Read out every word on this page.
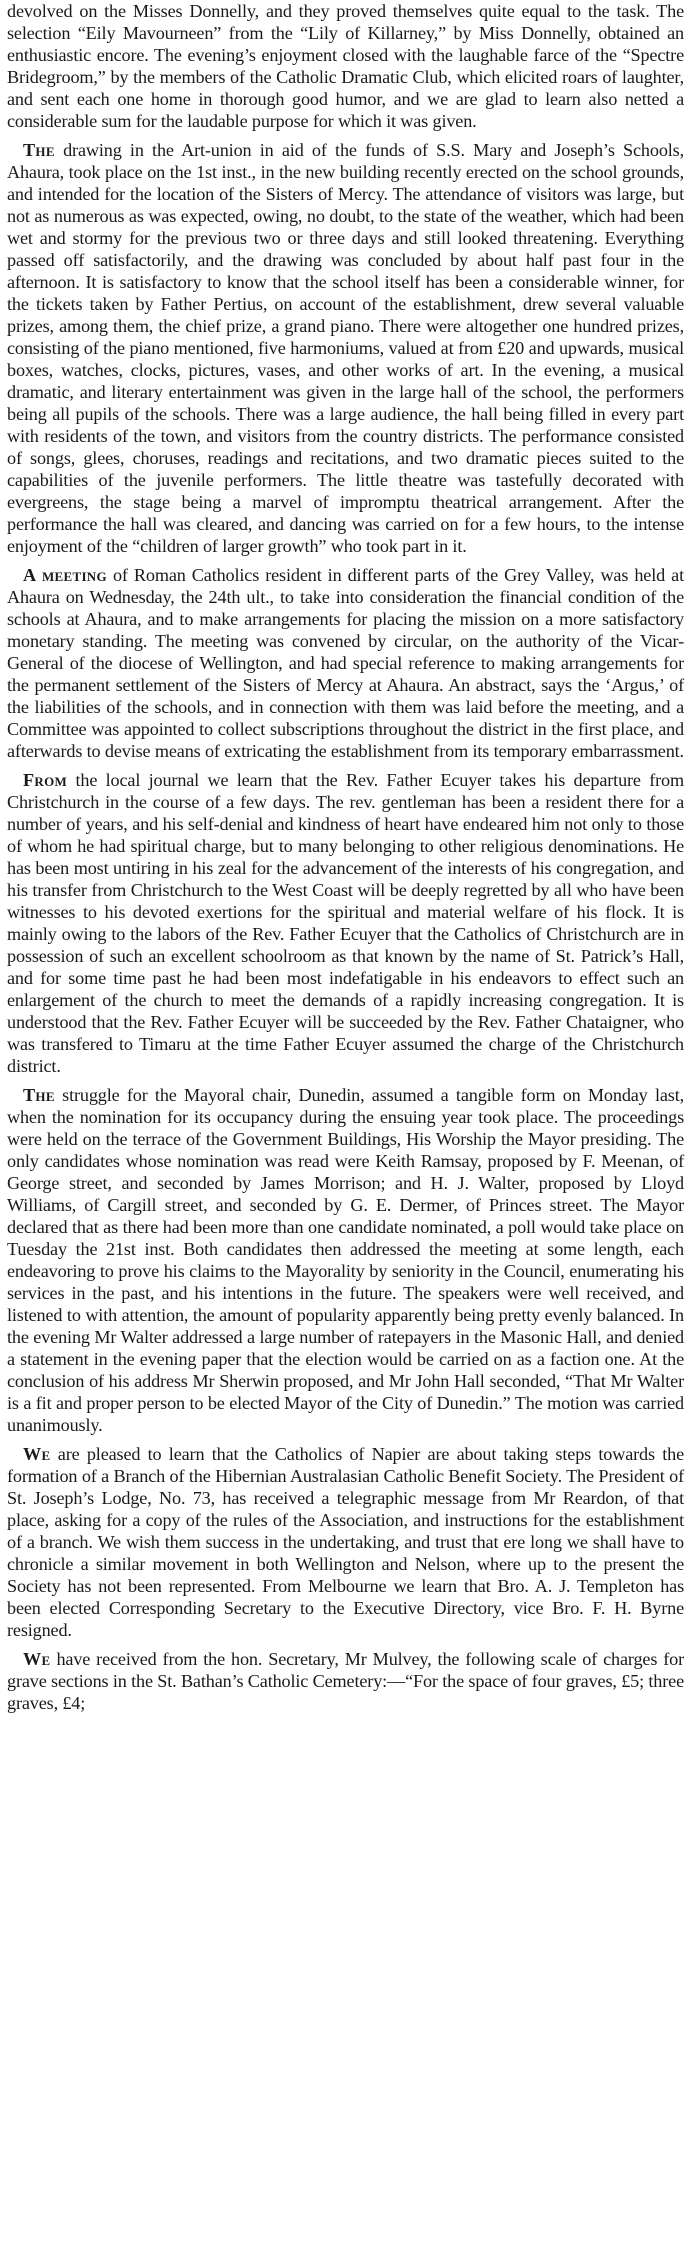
devolved on the Misses Donnelly, and they proved themselves quite equal to the task. The selection “Eily Mavourneen” from the “Lily of Killarney,” by Miss Donnelly, obtained an enthusiastic encore. The evening’s enjoyment closed with the laughable farce of the “Spectre Bridegroom,” by the members of the Catholic Dramatic Club, which elicited roars of laughter, and sent each one home in thorough good humor, and we are glad to learn also netted a considerable sum for the laudable purpose for which it was given.

The drawing in the Art-union in aid of the funds of S.S. Mary and Joseph’s Schools, Ahaura, took place on the 1st inst., in the new building recently erected on the school grounds, and intended for the location of the Sisters of Mercy. The attendance of visitors was large, but not as numerous as was expected, owing, no doubt, to the state of the weather, which had been wet and stormy for the previous two or three days and still looked threatening. Everything passed off satisfactorily, and the drawing was concluded by about half past four in the afternoon. It is satisfactory to know that the school itself has been a considerable winner, for the tickets taken by Father Pertius, on account of the establishment, drew several valuable prizes, among them, the chief prize, a grand piano. There were altogether one hundred prizes, consisting of the piano mentioned, five harmoniums, valued at from £20 and upwards, musical boxes, watches, clocks, pictures, vases, and other works of art. In the evening, a musical dramatic, and literary entertainment was given in the large hall of the school, the performers being all pupils of the schools. There was a large audience, the hall being filled in every part with residents of the town, and visitors from the country districts. The performance consisted of songs, glees, choruses, readings and recitations, and two dramatic pieces suited to the capabilities of the juvenile performers. The little theatre was tastefully decorated with evergreens, the stage being a marvel of impromptu theatrical arrangement. After the performance the hall was cleared, and dancing was carried on for a few hours, to the intense enjoyment of the “children of larger growth” who took part in it.

A meeting of Roman Catholics resident in different parts of the Grey Valley, was held at Ahaura on Wednesday, the 24th ult., to take into consideration the financial condition of the schools at Ahaura, and to make arrangements for placing the mission on a more satisfactory monetary standing. The meeting was convened by circular, on the authority of the Vicar-General of the diocese of Wellington, and had special reference to making arrangements for the permanent settlement of the Sisters of Mercy at Ahaura. An abstract, says the ‘Argus,’ of the liabilities of the schools, and in connection with them was laid before the meeting, and a Committee was appointed to collect subscriptions throughout the district in the first place, and afterwards to devise means of extricating the establishment from its temporary embarrassment.

From the local journal we learn that the Rev. Father Ecuyer takes his departure from Christchurch in the course of a few days. The rev. gentleman has been a resident there for a number of years, and his self-denial and kindness of heart have endeared him not only to those of whom he had spiritual charge, but to many belonging to other religious denominations. He has been most untiring in his zeal for the advancement of the interests of his congregation, and his transfer from Christchurch to the West Coast will be deeply regretted by all who have been witnesses to his devoted exertions for the spiritual and material welfare of his flock. It is mainly owing to the labors of the Rev. Father Ecuyer that the Catholics of Christchurch are in possession of such an excellent schoolroom as that known by the name of St. Patrick’s Hall, and for some time past he had been most indefatigable in his endeavors to effect such an enlargement of the church to meet the demands of a rapidly increasing congregation. It is understood that the Rev. Father Ecuyer will be succeeded by the Rev. Father Chataigner, who was transfered to Timaru at the time Father Ecuyer assumed the charge of the Christchurch district.

The struggle for the Mayoral chair, Dunedin, assumed a tangible form on Monday last, when the nomination for its occupancy during the ensuing year took place. The proceedings were held on the terrace of the Government Buildings, His Worship the Mayor presiding. The only candidates whose nomination was read were Keith Ramsay, proposed by F. Meenan, of George street, and seconded by James Morrison; and H. J. Walter, proposed by Lloyd Williams, of Cargill street, and seconded by G. E. Dermer, of Princes street. The Mayor declared that as there had been more than one candidate nominated, a poll would take place on Tuesday the 21st inst. Both candidates then addressed the meeting at some length, each endeavoring to prove his claims to the Mayorality by seniority in the Council, enumerating his services in the past, and his intentions in the future. The speakers were well received, and listened to with attention, the amount of popularity apparently being pretty evenly balanced. In the evening Mr Walter addressed a large number of ratepayers in the Masonic Hall, and denied a statement in the evening paper that the election would be carried on as a faction one. At the conclusion of his address Mr Sherwin proposed, and Mr John Hall seconded, “That Mr Walter is a fit and proper person to be elected Mayor of the City of Dunedin.” The motion was carried unanimously.

We are pleased to learn that the Catholics of Napier are about taking steps towards the formation of a Branch of the Hibernian Australasian Catholic Benefit Society. The President of St. Joseph’s Lodge, No. 73, has received a telegraphic message from Mr Reardon, of that place, asking for a copy of the rules of the Association, and instructions for the establishment of a branch. We wish them success in the undertaking, and trust that ere long we shall have to chronicle a similar movement in both Wellington and Nelson, where up to the present the Society has not been represented. From Melbourne we learn that Bro. A. J. Templeton has been elected Corresponding Secretary to the Executive Directory, vice Bro. F. H. Byrne resigned.

We have received from the hon. Secretary, Mr Mulvey, the following scale of charges for grave sections in the St. Bathan’s Catholic Cemetery:—“For the space of four graves, £5; three graves, £4;
